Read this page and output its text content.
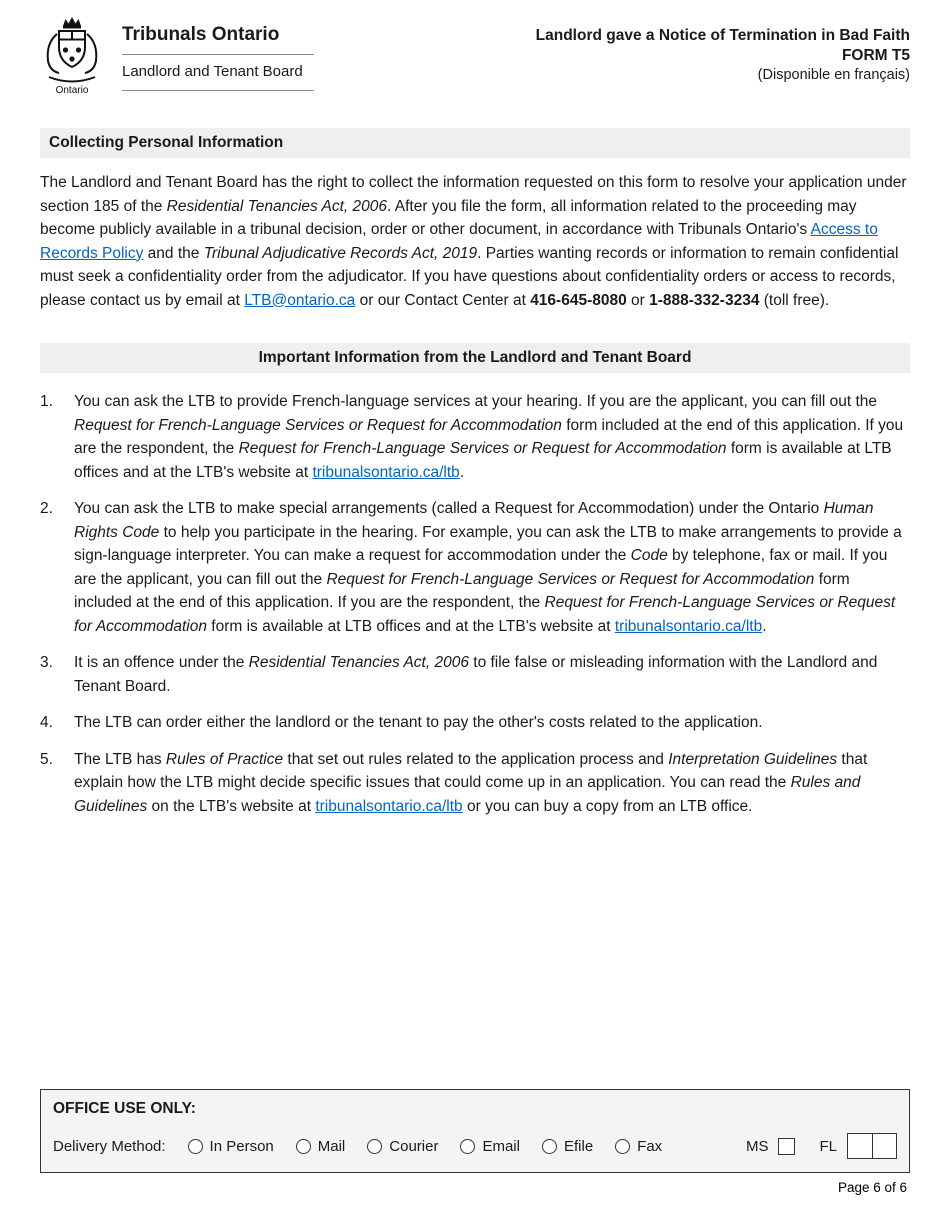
Ontario
Tribunals Ontario
Landlord and Tenant Board
Landlord gave a Notice of Termination in Bad Faith
FORM T5
(Disponible en français)
Collecting Personal Information

The Landlord and Tenant Board has the right to collect the information requested on this form to resolve your application under section 185 of the Residential Tenancies Act, 2006. After you file the form, all information related to the proceeding may become publicly available in a tribunal decision, order or other document, in accordance with Tribunals Ontario's Access to Records Policy and the Tribunal Adjudicative Records Act, 2019. Parties wanting records or information to remain confidential must seek a confidentiality order from the adjudicator. If you have questions about confidentiality orders or access to records, please contact us by email at LTB@ontario.ca or our Contact Center at 416-645-8080 or 1-888-332-3234 (toll free).

Important Information from the Landlord and Tenant Board
1.	You can ask the LTB to provide French-language services at your hearing. If you are the applicant, you can fill out the Request for French-Language Services or Request for Accommodation form included at the end of this application. If you are the respondent, the Request for French-Language Services or Request for Accommodation form is available at LTB offices and at the LTB's website at tribunalsontario.ca/ltb.
2.	You can ask the LTB to make special arrangements (called a Request for Accommodation) under the Ontario Human Rights Code to help you participate in the hearing. For example, you can ask the LTB to make arrangements to provide a sign-language interpreter. You can make a request for accommodation under the Code by telephone, fax or mail. If you are the applicant, you can fill out the Request for French-Language Services or Request for Accommodation form included at the end of this application. If you are the respondent, the Request for French-Language Services or Request for Accommodation form is available at LTB offices and at the LTB's website at tribunalsontario.ca/ltb.
3.	It is an offence under the Residential Tenancies Act, 2006 to file false or misleading information with the Landlord and Tenant Board.
4.	The LTB can order either the landlord or the tenant to pay the other's costs related to the application.
5.	The LTB has Rules of Practice that set out rules related to the application process and Interpretation Guidelines that explain how the LTB might decide specific issues that could come up in an application. You can read the Rules and Guidelines on the LTB's website at tribunalsontario.ca/ltb or you can buy a copy from an LTB office.
OFFICE USE ONLY:
Delivery Method:	In Person	Mail	Courier	Email	Efile	Fax	MS	FL
Page 6 of 6
